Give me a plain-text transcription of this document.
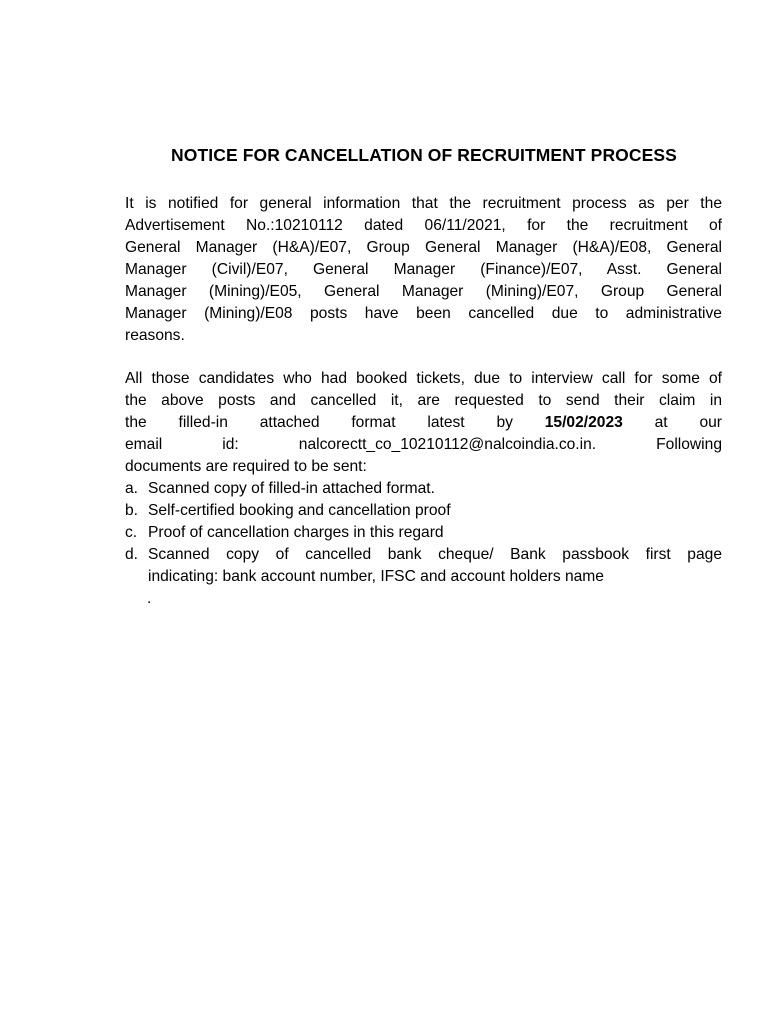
NOTICE FOR CANCELLATION OF RECRUITMENT PROCESS
It is notified for general information that the recruitment process as per the
Advertisement No.:10210112 dated 06/11/2021, for the recruitment of
General Manager (H&A)/E07, Group General Manager (H&A)/E08, General
Manager (Civil)/E07, General Manager (Finance)/E07, Asst. General
Manager (Mining)/E05, General Manager (Mining)/E07, Group General
Manager (Mining)/E08 posts have been cancelled due to administrative
reasons.
All those candidates who had booked tickets, due to interview call for some of
the above posts and cancelled it, are requested to send their claim in
the filled-in attached format latest by 15/02/2023 at our
email id: nalcorectt_co_10210112@nalcoindia.co.in. Following
documents are required to be sent:
a. Scanned copy of filled-in attached format.
b. Self-certified booking and cancellation proof
c. Proof of cancellation charges in this regard
d. Scanned copy of cancelled bank cheque/ Bank passbook first page
indicating: bank account number, IFSC and account holders name
.
